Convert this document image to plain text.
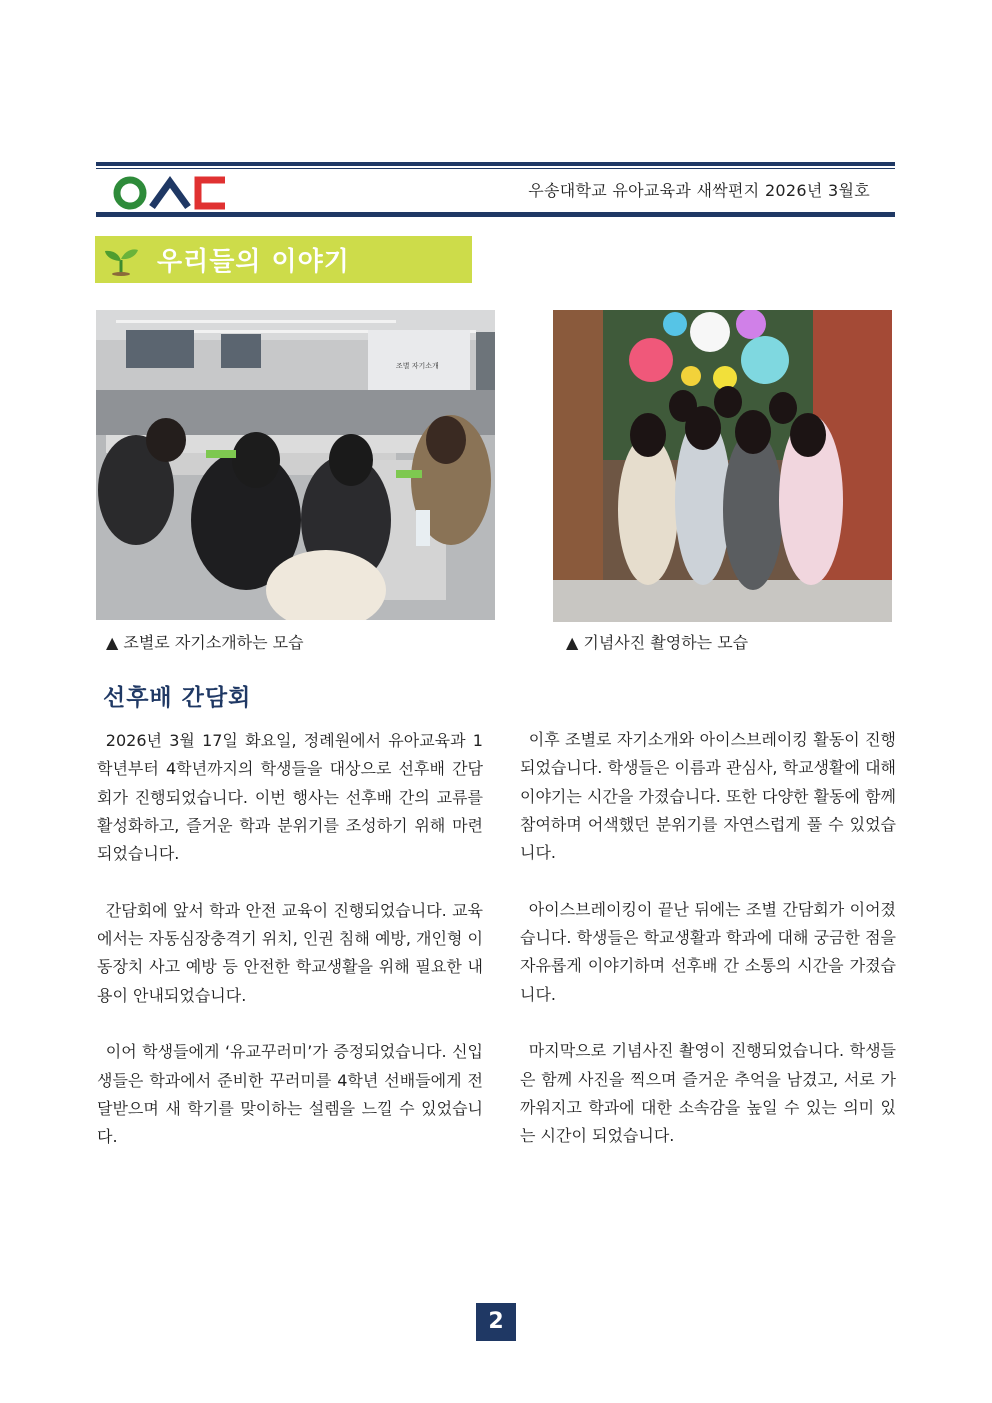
우송대학교 유아교육과 새싹편지 2026년 3월호
우리들의 이야기
조별 자기소개
▲ 조별로 자기소개하는 모습	▲ 기념사진 촬영하는 모습
선후배 간담회

2026년 3월 17일 화요일, 정례원에서 유아교육과 1학년부터 4학년까지의 학생들을 대상으로 선후배 간담회가 진행되었습니다. 이번 행사는 선후배 간의 교류를 활성화하고, 즐거운 학과 분위기를 조성하기 위해 마련되었습니다.

간담회에 앞서 학과 안전 교육이 진행되었습니다. 교육에서는 자동심장충격기 위치, 인권 침해 예방, 개인형 이동장치 사고 예방 등 안전한 학교생활을 위해 필요한 내용이 안내되었습니다.

이어 학생들에게 ‘유교꾸러미’가 증정되었습니다. 신입생들은 학과에서 준비한 꾸러미를 4학년 선배들에게 전달받으며 새 학기를 맞이하는 설렘을 느낄 수 있었습니다.

이후 조별로 자기소개와 아이스브레이킹 활동이 진행되었습니다. 학생들은 이름과 관심사, 학교생활에 대해 이야기는 시간을 가졌습니다. 또한 다양한 활동에 함께 참여하며 어색했던 분위기를 자연스럽게 풀 수 있었습니다.

아이스브레이킹이 끝난 뒤에는 조별 간담회가 이어졌습니다. 학생들은 학교생활과 학과에 대해 궁금한 점을 자유롭게 이야기하며 선후배 간 소통의 시간을 가졌습니다.

마지막으로 기념사진 촬영이 진행되었습니다. 학생들은 함께 사진을 찍으며 즐거운 추억을 남겼고, 서로 가까워지고 학과에 대한 소속감을 높일 수 있는 의미 있는 시간이 되었습니다.

2
